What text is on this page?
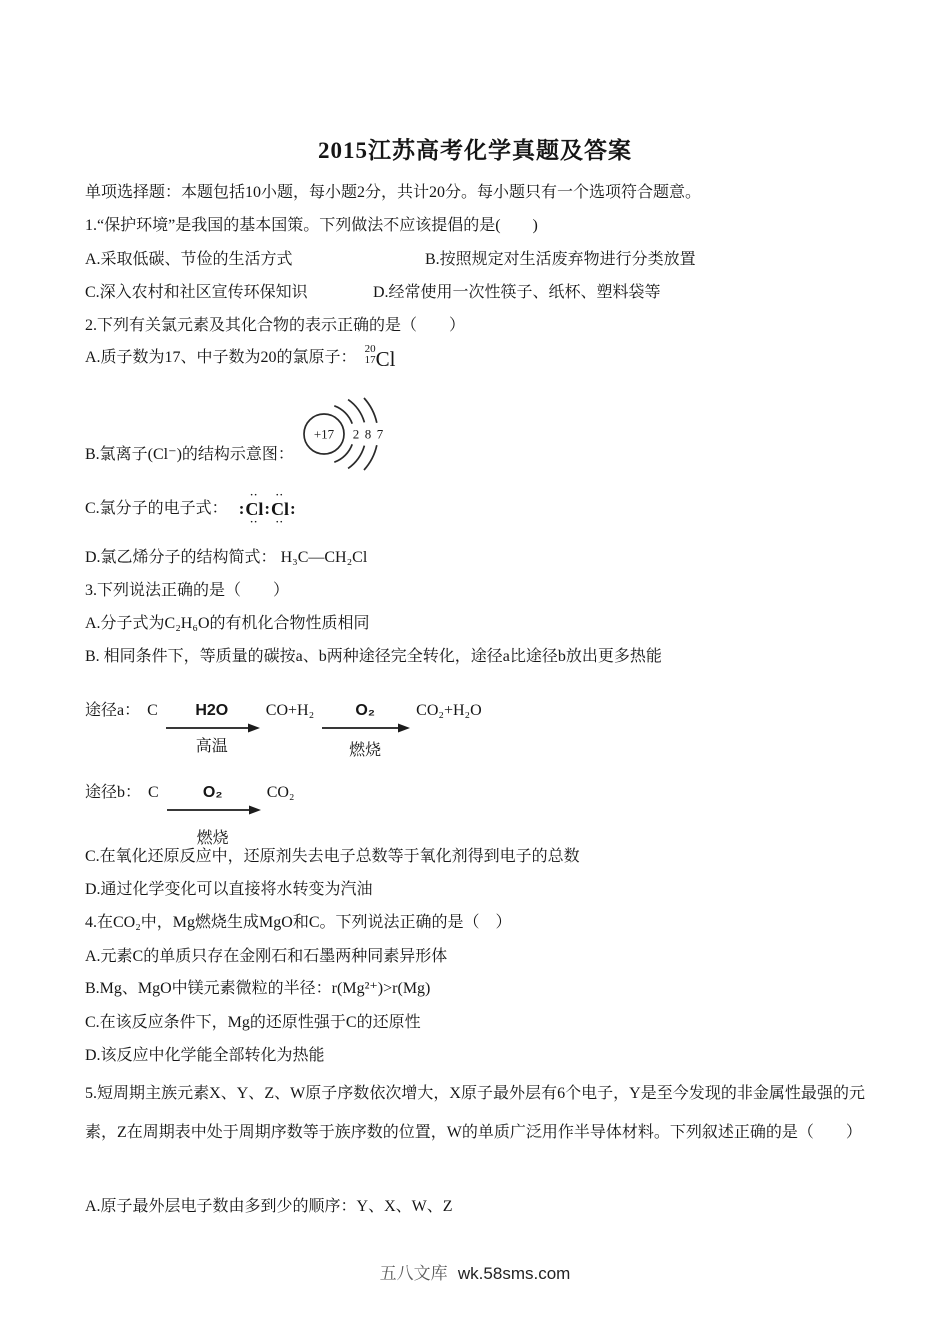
2015江苏高考化学真题及答案
单项选择题：本题包括10小题，每小题2分，共计20分。每小题只有一个选项符合题意。
1.“保护环境”是我国的基本国策。下列做法不应该提倡的是(　　)
A.采取低碳、节俭的生活方式	B.按照规定对生活废弃物进行分类放置
C.深入农村和社区宣传环保知识	D.经常使用一次性筷子、纸杯、塑料袋等
2.下列有关氯元素及其化合物的表示正确的是（　　）
A.质子数为17、中子数为20的氯原子： 20
17 Cl
B.氯离子(Cl⁻)的结构示意图：
+17 2 8 7
C.氯分子的电子式： :
∙∙
Cl
∙∙
:
∙∙
Cl
∙∙
:
D.氯乙烯分子的结构简式： H₃C—CH₂Cl
3.下列说法正确的是（　　）
A.分子式为C₂H₆O的有机化合物性质相同
B. 相同条件下，等质量的碳按a、b两种途径完全转化，途径a比途径b放出更多热能
途径a： C H2O
高温
CO+H₂	O₂
燃烧
CO₂+H₂O
途径b： C	O₂
燃烧
CO₂
C.在氧化还原反应中，还原剂失去电子总数等于氧化剂得到电子的总数
D.通过化学变化可以直接将水转变为汽油
4.在CO₂中，Mg燃烧生成MgO和C。下列说法正确的是（　）
A.元素C的单质只存在金刚石和石墨两种同素异形体
B.Mg、MgO中镁元素微粒的半径：r(Mg²⁺)>r(Mg)
C.在该反应条件下，Mg的还原性强于C的还原性
D.该反应中化学能全部转化为热能
5.短周期主族元素X、Y、Z、W原子序数依次增大，X原子最外层有6个电子，Y是至今发现的非金属性最强的元素，Z在周期表中处于周期序数等于族序数的位置，W的单质广泛用作半导体材料。下列叙述正确的是（　　）
A.原子最外层电子数由多到少的顺序：Y、X、W、Z
五八文库 wk.58sms.com
